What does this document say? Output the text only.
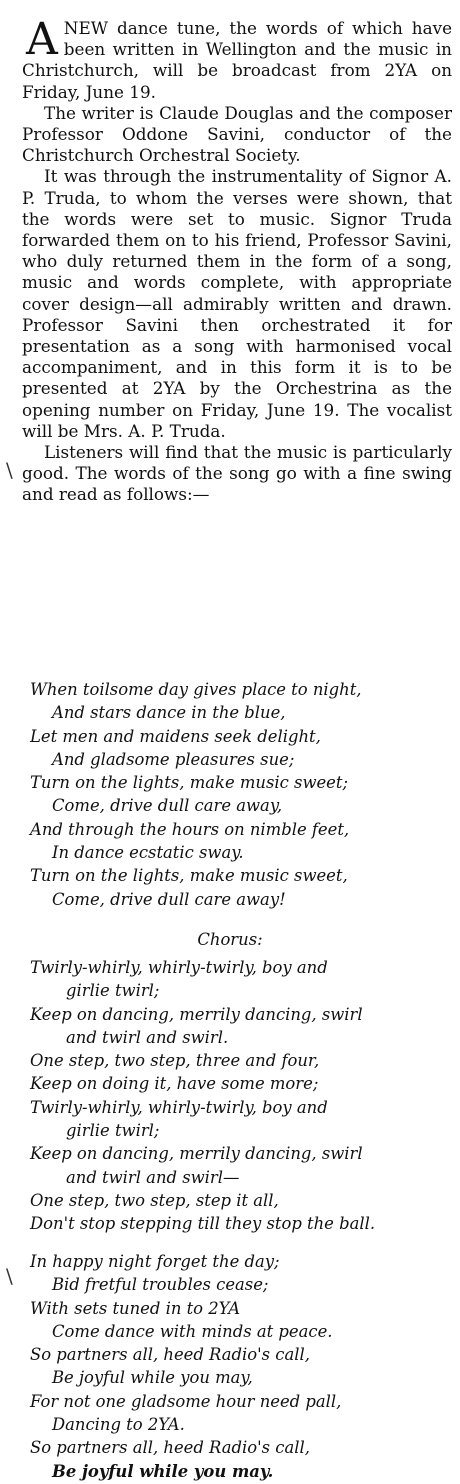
A NEW dance tune, the words of which have been written in Wellington and the music in Christchurch, will be broadcast from 2YA on Friday, June 19.

The writer is Claude Douglas and the composer Professor Oddone Savini, conductor of the Christchurch Orchestral Society.

It was through the instrumentality of Signor A. P. Truda, to whom the verses were shown, that the words were set to music. Signor Truda forwarded them on to his friend, Professor Savini, who duly returned them in the form of a song, music and words complete, with appropriate cover design—all admirably written and drawn. Professor Savini then orchestrated it for presentation as a song with harmonised vocal accompaniment, and in this form it is to be presented at 2YA by the Orchestrina as the opening number on Friday, June 19. The vocalist will be Mrs. A. P. Truda.

Listeners will find that the music is particularly good. The words of the song go with a fine swing and read as follows:—

When toilsome day gives place to night,
And stars dance in the blue,
Let men and maidens seek delight,
And gladsome pleasures sue;
Turn on the lights, make music sweet;
Come, drive dull care away,
And through the hours on nimble feet,
In dance ecstatic sway.
Turn on the lights, make music sweet,
Come, drive dull care away!
Chorus:
Twirly-whirly, whirly-twirly, boy and
girlie twirl;
Keep on dancing, merrily dancing, swirl
and twirl and swirl.
One step, two step, three and four,
Keep on doing it, have some more;
Twirly-whirly, whirly-twirly, boy and
girlie twirl;
Keep on dancing, merrily dancing, swirl
and twirl and swirl—
One step, two step, step it all,
Don't stop stepping till they stop the ball.
In happy night forget the day;
Bid fretful troubles cease;
With sets tuned in to 2YA
Come dance with minds at peace.
So partners all, heed Radio's call,
Be joyful while you may,
For not one gladsome hour need pall,
Dancing to 2YA.
So partners all, heed Radio's call,
Be joyful while you may.
\
\
